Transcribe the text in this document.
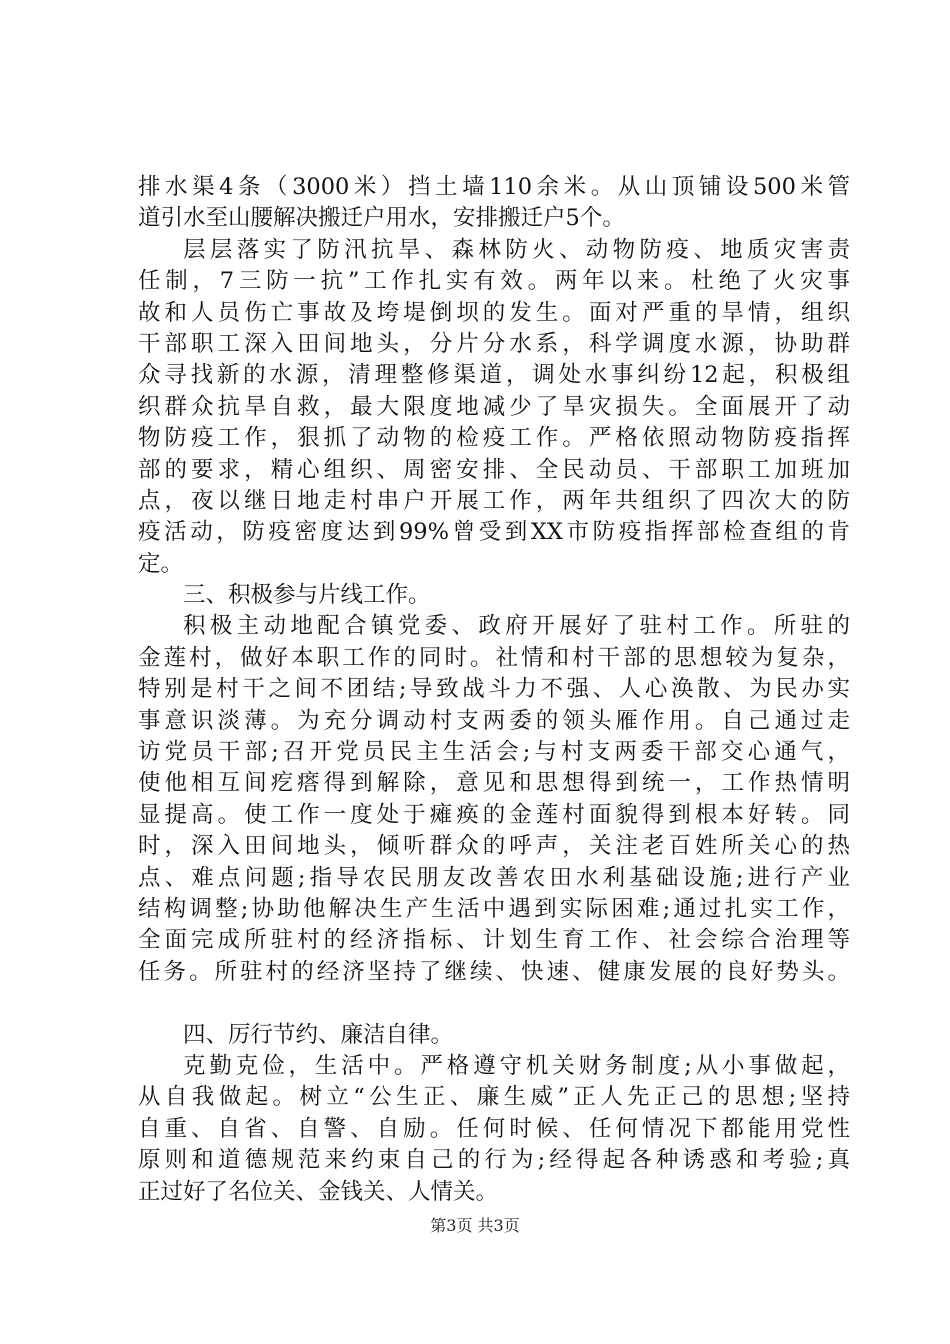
排水渠4条（3000米）挡土墙110余米。从山顶铺设500米管
道引水至山腰解决搬迁户用水，安排搬迁户5个。
层层落实了防汛抗旱、森林防火、动物防疫、地质灾害责
任制，7三防一抗”工作扎实有效。两年以来。杜绝了火灾事
故和人员伤亡事故及垮堤倒坝的发生。面对严重的旱情，组织
干部职工深入田间地头，分片分水系，科学调度水源，协助群
众寻找新的水源，清理整修渠道，调处水事纠纷12起，积极组
织群众抗旱自救，最大限度地减少了旱灾损失。全面展开了动
物防疫工作，狠抓了动物的检疫工作。严格依照动物防疫指挥
部的要求，精心组织、周密安排、全民动员、干部职工加班加
点，夜以继日地走村串户开展工作，两年共组织了四次大的防
疫活动，防疫密度达到99%曾受到XX市防疫指挥部检查组的肯
定。
三、积极参与片线工作。
积极主动地配合镇党委、政府开展好了驻村工作。所驻的
金莲村，做好本职工作的同时。社情和村干部的思想较为复杂，
特别是村干之间不团结;导致战斗力不强、人心涣散、为民办实
事意识淡薄。为充分调动村支两委的领头雁作用。自己通过走
访党员干部;召开党员民主生活会;与村支两委干部交心通气，
使他相互间疙瘩得到解除，意见和思想得到统一，工作热情明
显提高。使工作一度处于瘫痪的金莲村面貌得到根本好转。同
时，深入田间地头，倾听群众的呼声，关注老百姓所关心的热
点、难点问题;指导农民朋友改善农田水利基础设施;进行产业
结构调整;协助他解决生产生活中遇到实际困难;通过扎实工作，
全面完成所驻村的经济指标、计划生育工作、社会综合治理等
任务。所驻村的经济坚持了继续、快速、健康发展的良好势头。
四、厉行节约、廉洁自律。
克勤克俭，生活中。严格遵守机关财务制度;从小事做起，
从自我做起。树立“公生正、廉生威”正人先正己的思想;坚持
自重、自省、自警、自励。任何时候、任何情况下都能用党性
原则和道德规范来约束自己的行为;经得起各种诱惑和考验;真
正过好了名位关、金钱关、人情关。
第3页 共3页
